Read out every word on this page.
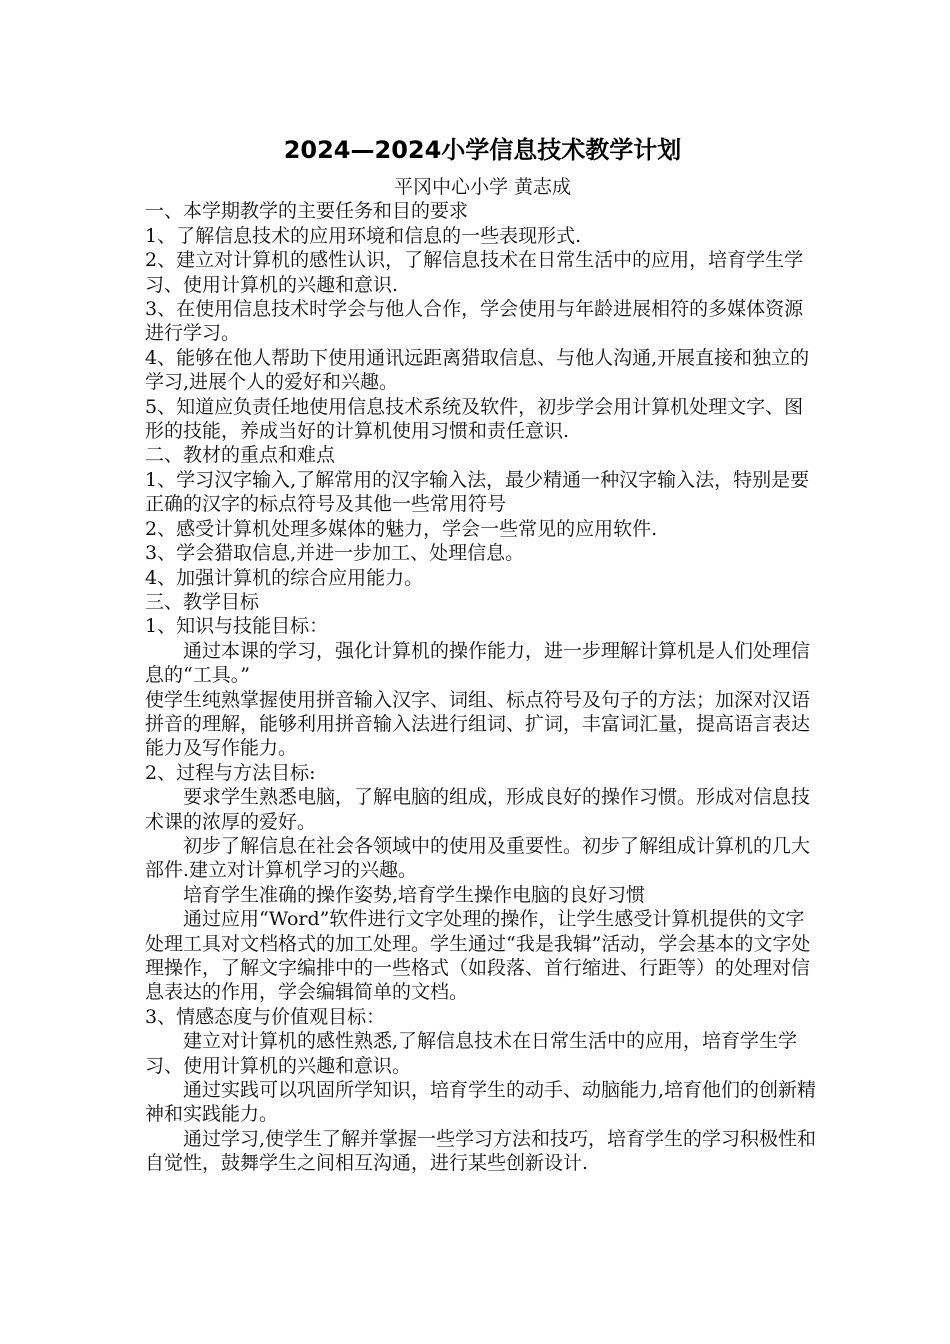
2024—2024小学信息技术教学计划

平冈中心小学 黄志成

一、本学期教学的主要任务和目的要求

1、了解信息技术的应用环境和信息的一些表现形式.

2、建立对计算机的感性认识，了解信息技术在日常生活中的应用，培育学生学习、使用计算机的兴趣和意识.

3、在使用信息技术时学会与他人合作，学会使用与年龄进展相符的多媒体资源进行学习。

4、能够在他人帮助下使用通讯远距离猎取信息、与他人沟通,开展直接和独立的学习,进展个人的爱好和兴趣。

5、知道应负责任地使用信息技术系统及软件，初步学会用计算机处理文字、图形的技能，养成当好的计算机使用习惯和责任意识.

二、教材的重点和难点

1、学习汉字输入,了解常用的汉字输入法，最少精通一种汉字输入法，特别是要正确的汉字的标点符号及其他一些常用符号

2、感受计算机处理多媒体的魅力，学会一些常见的应用软件.

3、学会猎取信息,并进一步加工、处理信息。

4、加强计算机的综合应用能力。

三、教学目标

1、知识与技能目标：

通过本课的学习，强化计算机的操作能力，进一步理解计算机是人们处理信息的“工具。”

使学生纯熟掌握使用拼音输入汉字、词组、标点符号及句子的方法；加深对汉语拼音的理解，能够利用拼音输入法进行组词、扩词，丰富词汇量，提高语言表达能力及写作能力。

2、过程与方法目标:

要求学生熟悉电脑，了解电脑的组成，形成良好的操作习惯。形成对信息技术课的浓厚的爱好。

初步了解信息在社会各领域中的使用及重要性。初步了解组成计算机的几大部件.建立对计算机学习的兴趣。

培育学生准确的操作姿势,培育学生操作电脑的良好习惯

通过应用“Word”软件进行文字处理的操作，让学生感受计算机提供的文字处理工具对文档格式的加工处理。学生通过“我是我辑”活动，学会基本的文字处理操作，了解文字编排中的一些格式（如段落、首行缩进、行距等）的处理对信息表达的作用，学会编辑简单的文档。

3、情感态度与价值观目标：

建立对计算机的感性熟悉,了解信息技术在日常生活中的应用，培育学生学习、使用计算机的兴趣和意识。

通过实践可以巩固所学知识，培育学生的动手、动脑能力,培育他们的创新精神和实践能力。

通过学习,使学生了解并掌握一些学习方法和技巧，培育学生的学习积极性和自觉性，鼓舞学生之间相互沟通，进行某些创新设计.
